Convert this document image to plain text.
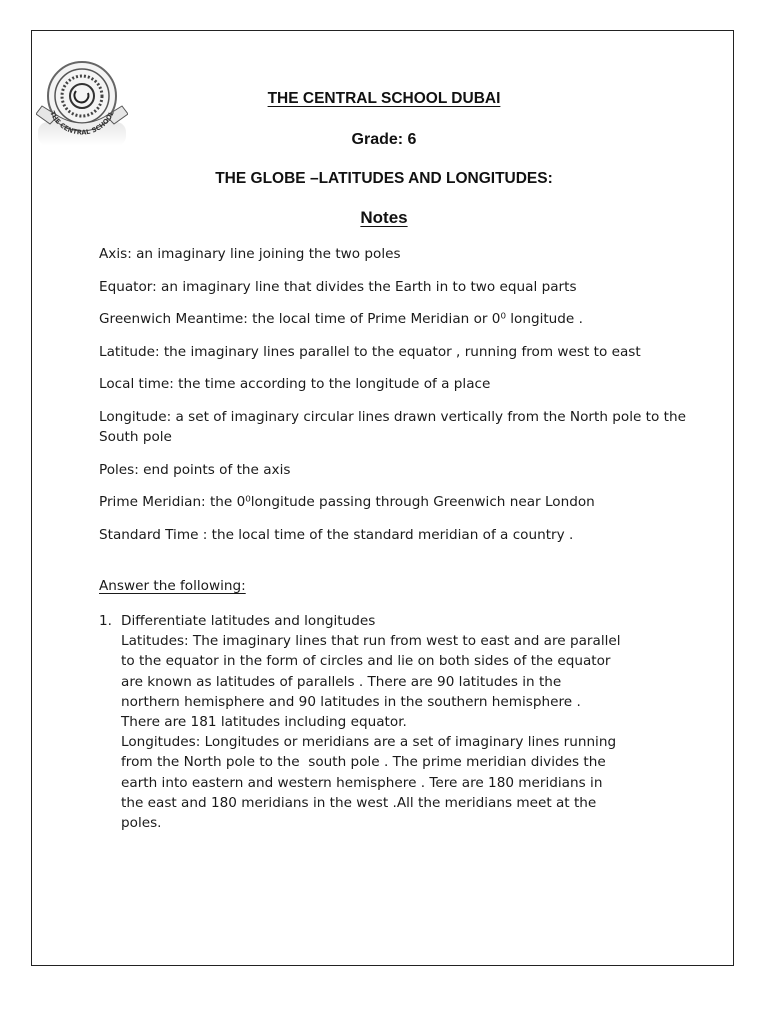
THE CENTRAL SCHOOL
THE CENTRAL SCHOOL DUBAI
Grade: 6
THE GLOBE –LATITUDES AND LONGITUDES:
Notes

Axis: an imaginary line joining the two poles

Equator: an imaginary line that divides the Earth in to two equal parts

Greenwich Meantime: the local time of Prime Meridian or 0⁰ longitude .

Latitude: the imaginary lines parallel to the equator , running from west to east

Local time: the time according to the longitude of a place

Longitude: a set of imaginary circular lines drawn vertically from the North pole to the South pole

Poles: end points of the axis

Prime Meridian: the 0⁰longitude passing through Greenwich near London

Standard Time : the local time of the standard meridian of a country .

Answer the following:
1. Differentiate latitudes and longitudes
Latitudes: The imaginary lines that run from west to east and are parallel
to the equator in the form of circles and lie on both sides of the equator
are known as latitudes of parallels . There are 90 latitudes in the
northern hemisphere and 90 latitudes in the southern hemisphere .
There are 181 latitudes including equator.
Longitudes: Longitudes or meridians are a set of imaginary lines running
from the North pole to the  south pole . The prime meridian divides the
earth into eastern and western hemisphere . Tere are 180 meridians in
the east and 180 meridians in the west .All the meridians meet at the
poles.
